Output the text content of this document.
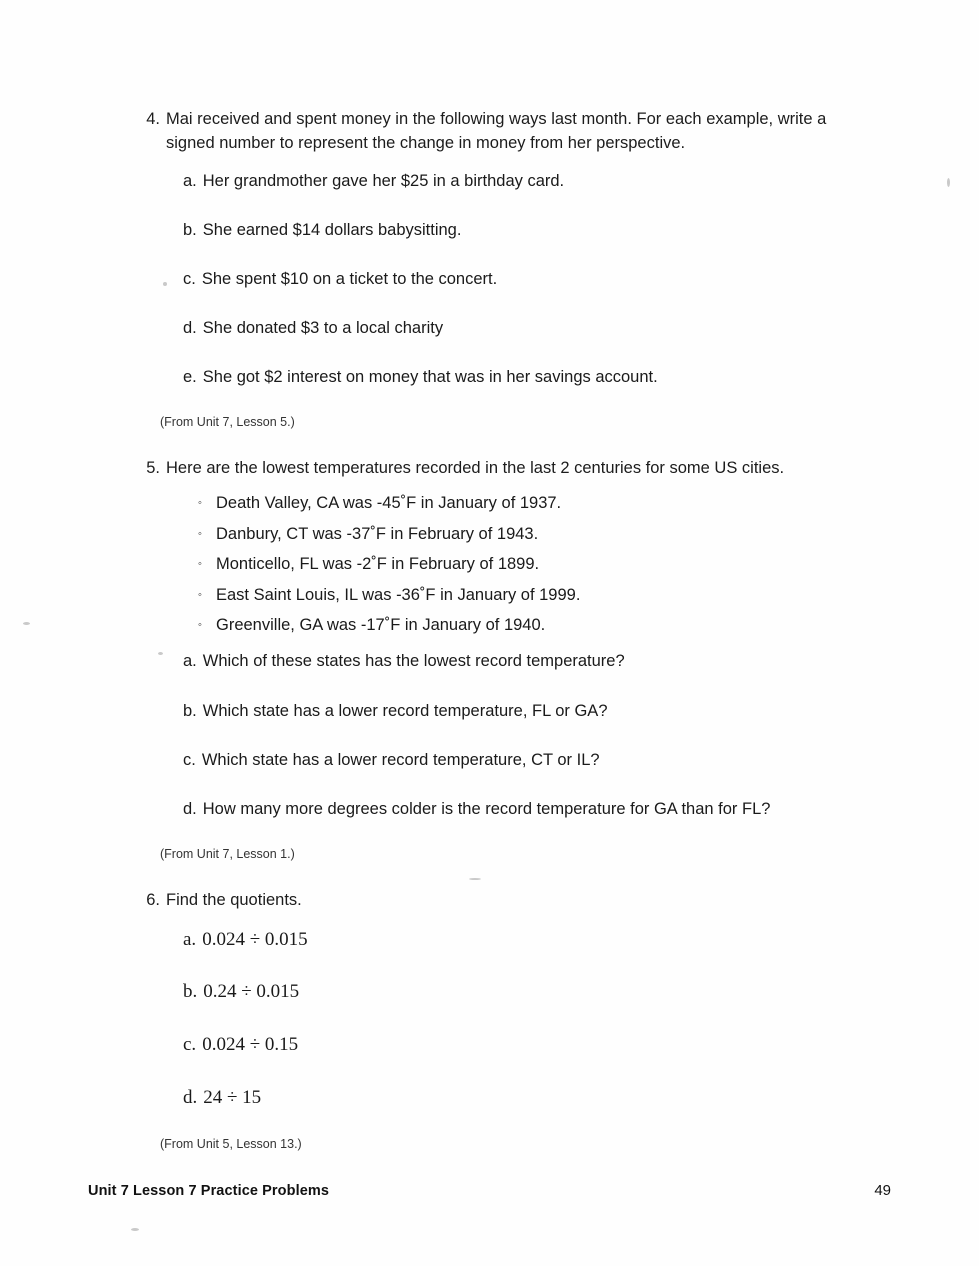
4. Mai received and spent money in the following ways last month. For each example, write a signed number to represent the change in money from her perspective.
a. Her grandmother gave her $25 in a birthday card.
b. She earned $14 dollars babysitting.
c. She spent $10 on a ticket to the concert.
d. She donated $3 to a local charity
e. She got $2 interest on money that was in her savings account.
(From Unit 7, Lesson 5.)
5. Here are the lowest temperatures recorded in the last 2 centuries for some US cities.
◦ Death Valley, CA was -45˚F in January of 1937.
◦ Danbury, CT was -37˚F in February of 1943.
◦ Monticello, FL was -2˚F in February of 1899.
◦ East Saint Louis, IL was -36˚F in January of 1999.
◦ Greenville, GA was -17˚F in January of 1940.
a. Which of these states has the lowest record temperature?
b. Which state has a lower record temperature, FL or GA?
c. Which state has a lower record temperature, CT or IL?
d. How many more degrees colder is the record temperature for GA than for FL?
(From Unit 7, Lesson 1.)
6. Find the quotients.
a. 0.024 ÷ 0.015
b. 0.24 ÷ 0.015
c. 0.024 ÷ 0.15
d. 24 ÷ 15
(From Unit 5, Lesson 13.)
Unit 7 Lesson 7 Practice Problems	49
